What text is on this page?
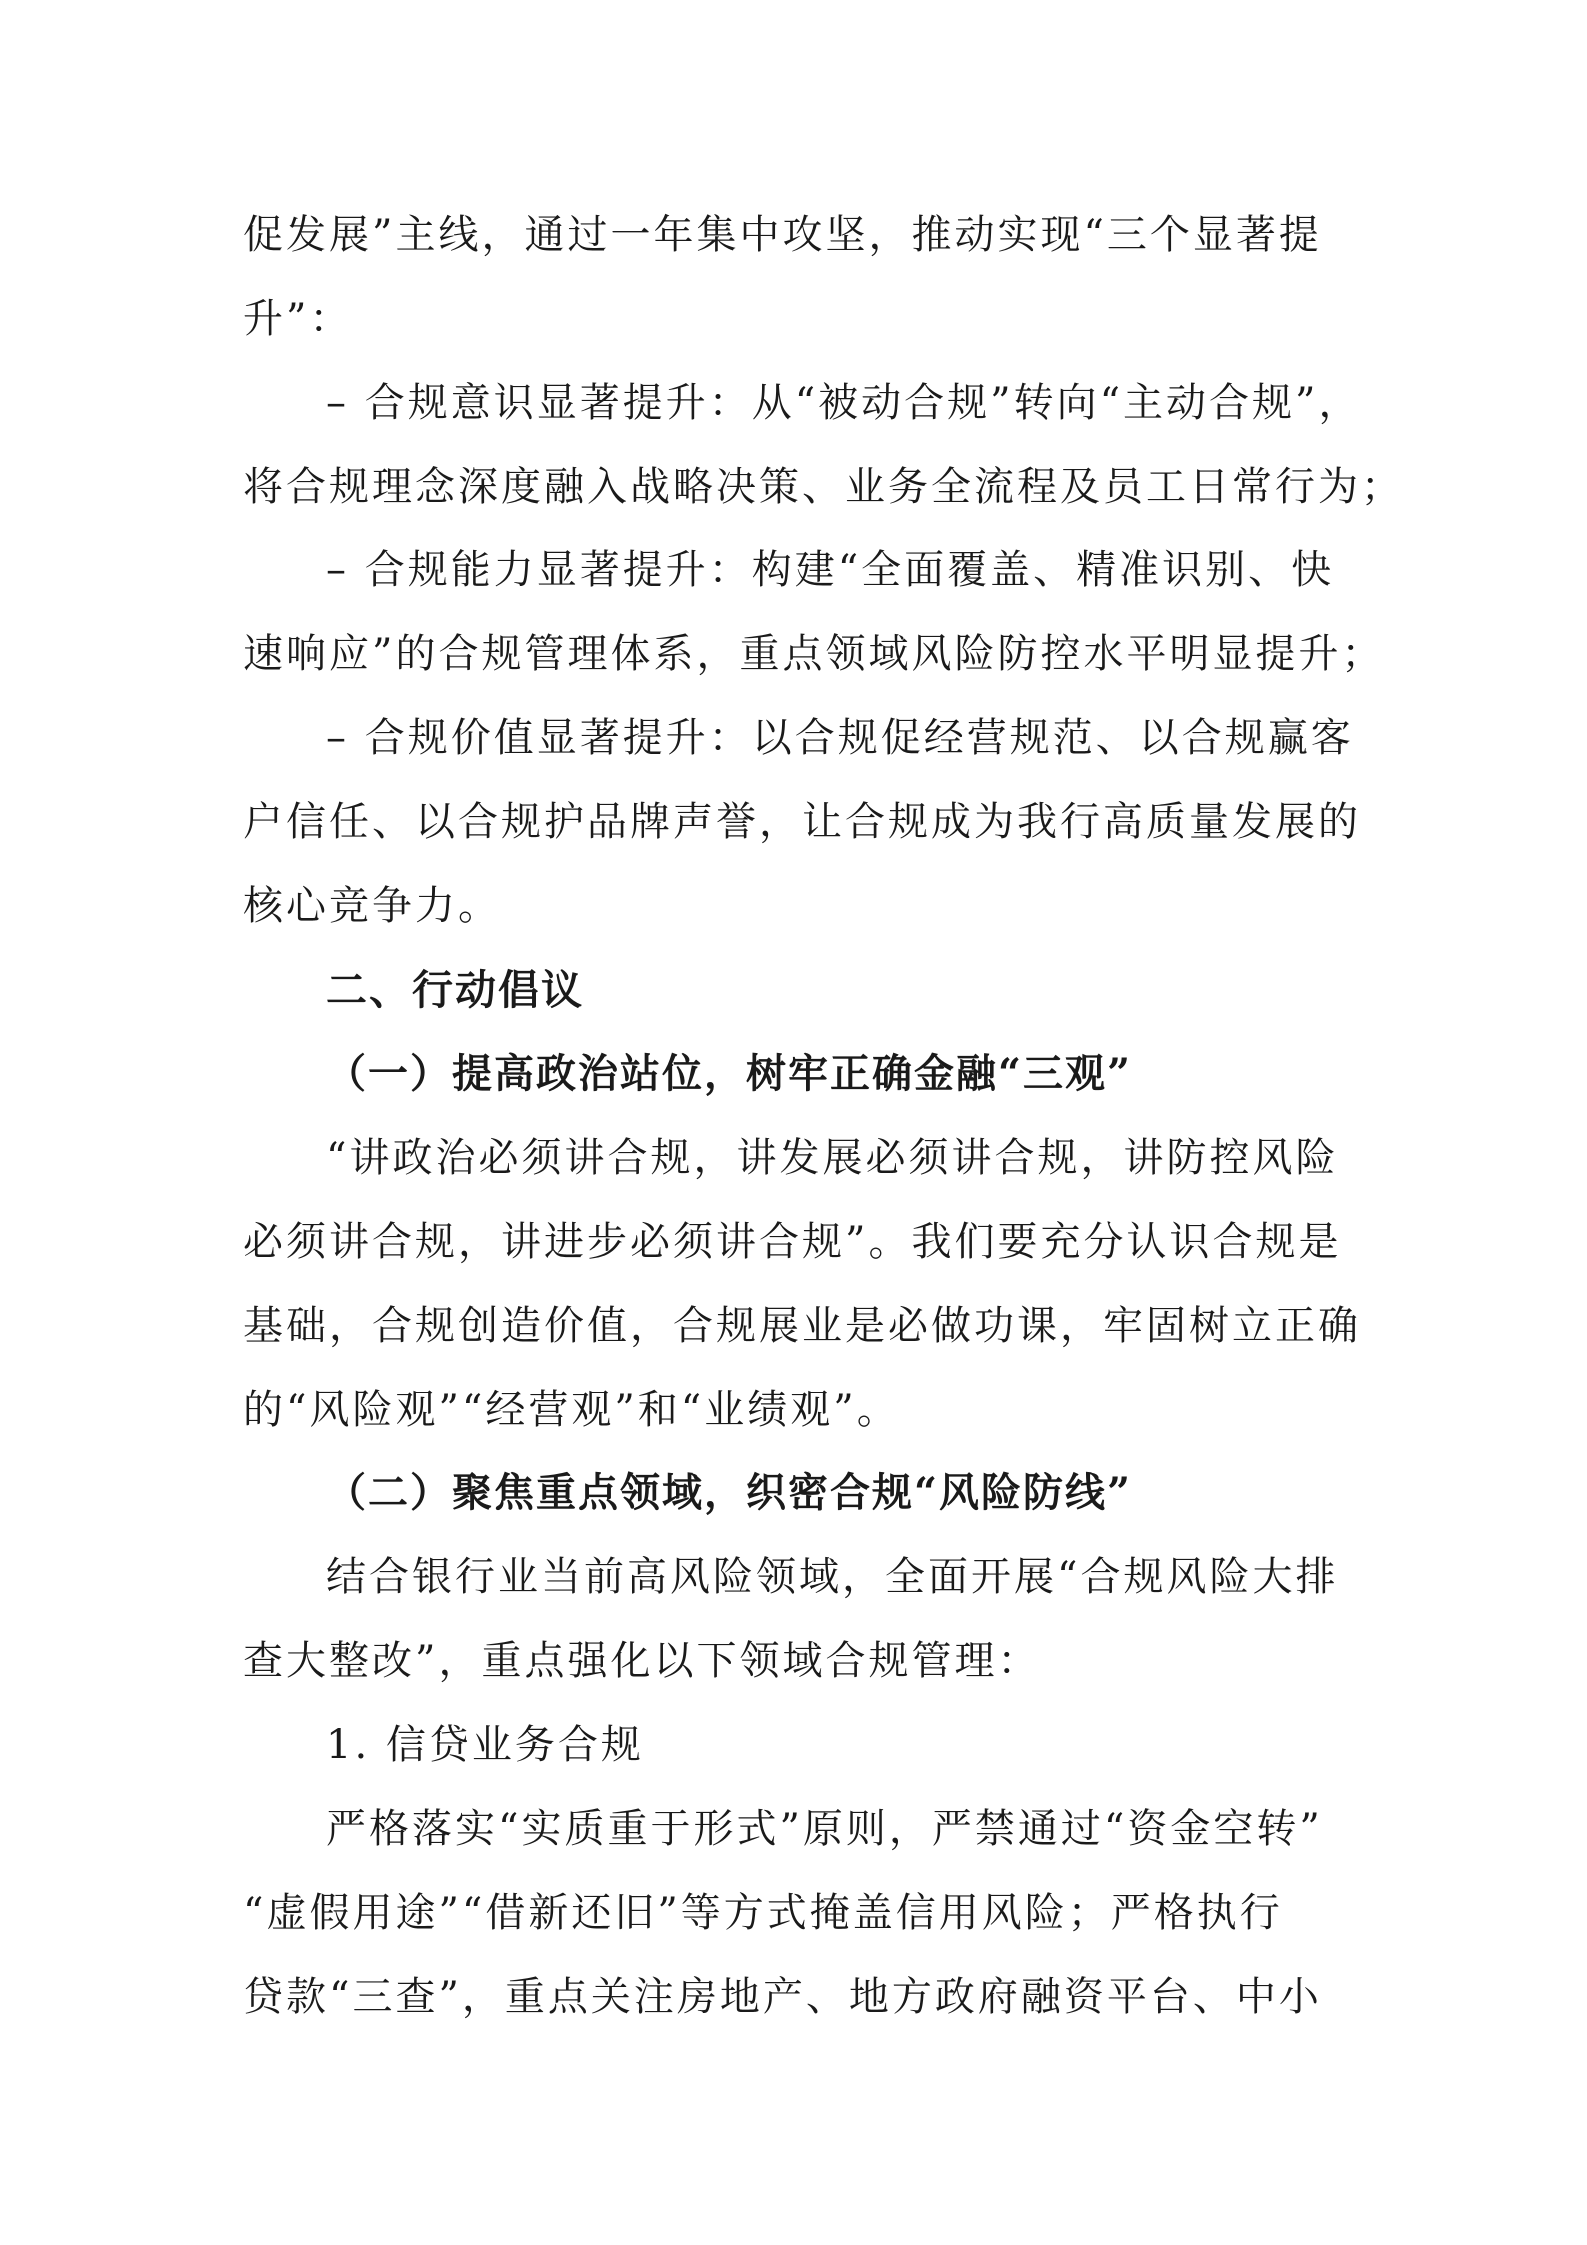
促发展”主线，通过一年集中攻坚，推动实现“三个显著提

升”：

– 合规意识显著提升：从“被动合规”转向“主动合规”，

将合规理念深度融入战略决策、业务全流程及员工日常行为；

– 合规能力显著提升：构建“全面覆盖、精准识别、快

速响应”的合规管理体系，重点领域风险防控水平明显提升；

– 合规价值显著提升：以合规促经营规范、以合规赢客

户信任、以合规护品牌声誉，让合规成为我行高质量发展的

核心竞争力。

二、行动倡议

（一）提高政治站位，树牢正确金融“三观”

“讲政治必须讲合规，讲发展必须讲合规，讲防控风险

必须讲合规，讲进步必须讲合规”。我们要充分认识合规是

基础，合规创造价值，合规展业是必做功课，牢固树立正确

的“风险观”“经营观”和“业绩观”。

（二）聚焦重点领域，织密合规“风险防线”

结合银行业当前高风险领域，全面开展“合规风险大排

查大整改”，重点强化以下领域合规管理：

1. 信贷业务合规

严格落实“实质重于形式”原则，严禁通过“资金空转”

“虚假用途”“借新还旧”等方式掩盖信用风险；严格执行

贷款“三查”，重点关注房地产、地方政府融资平台、中小
